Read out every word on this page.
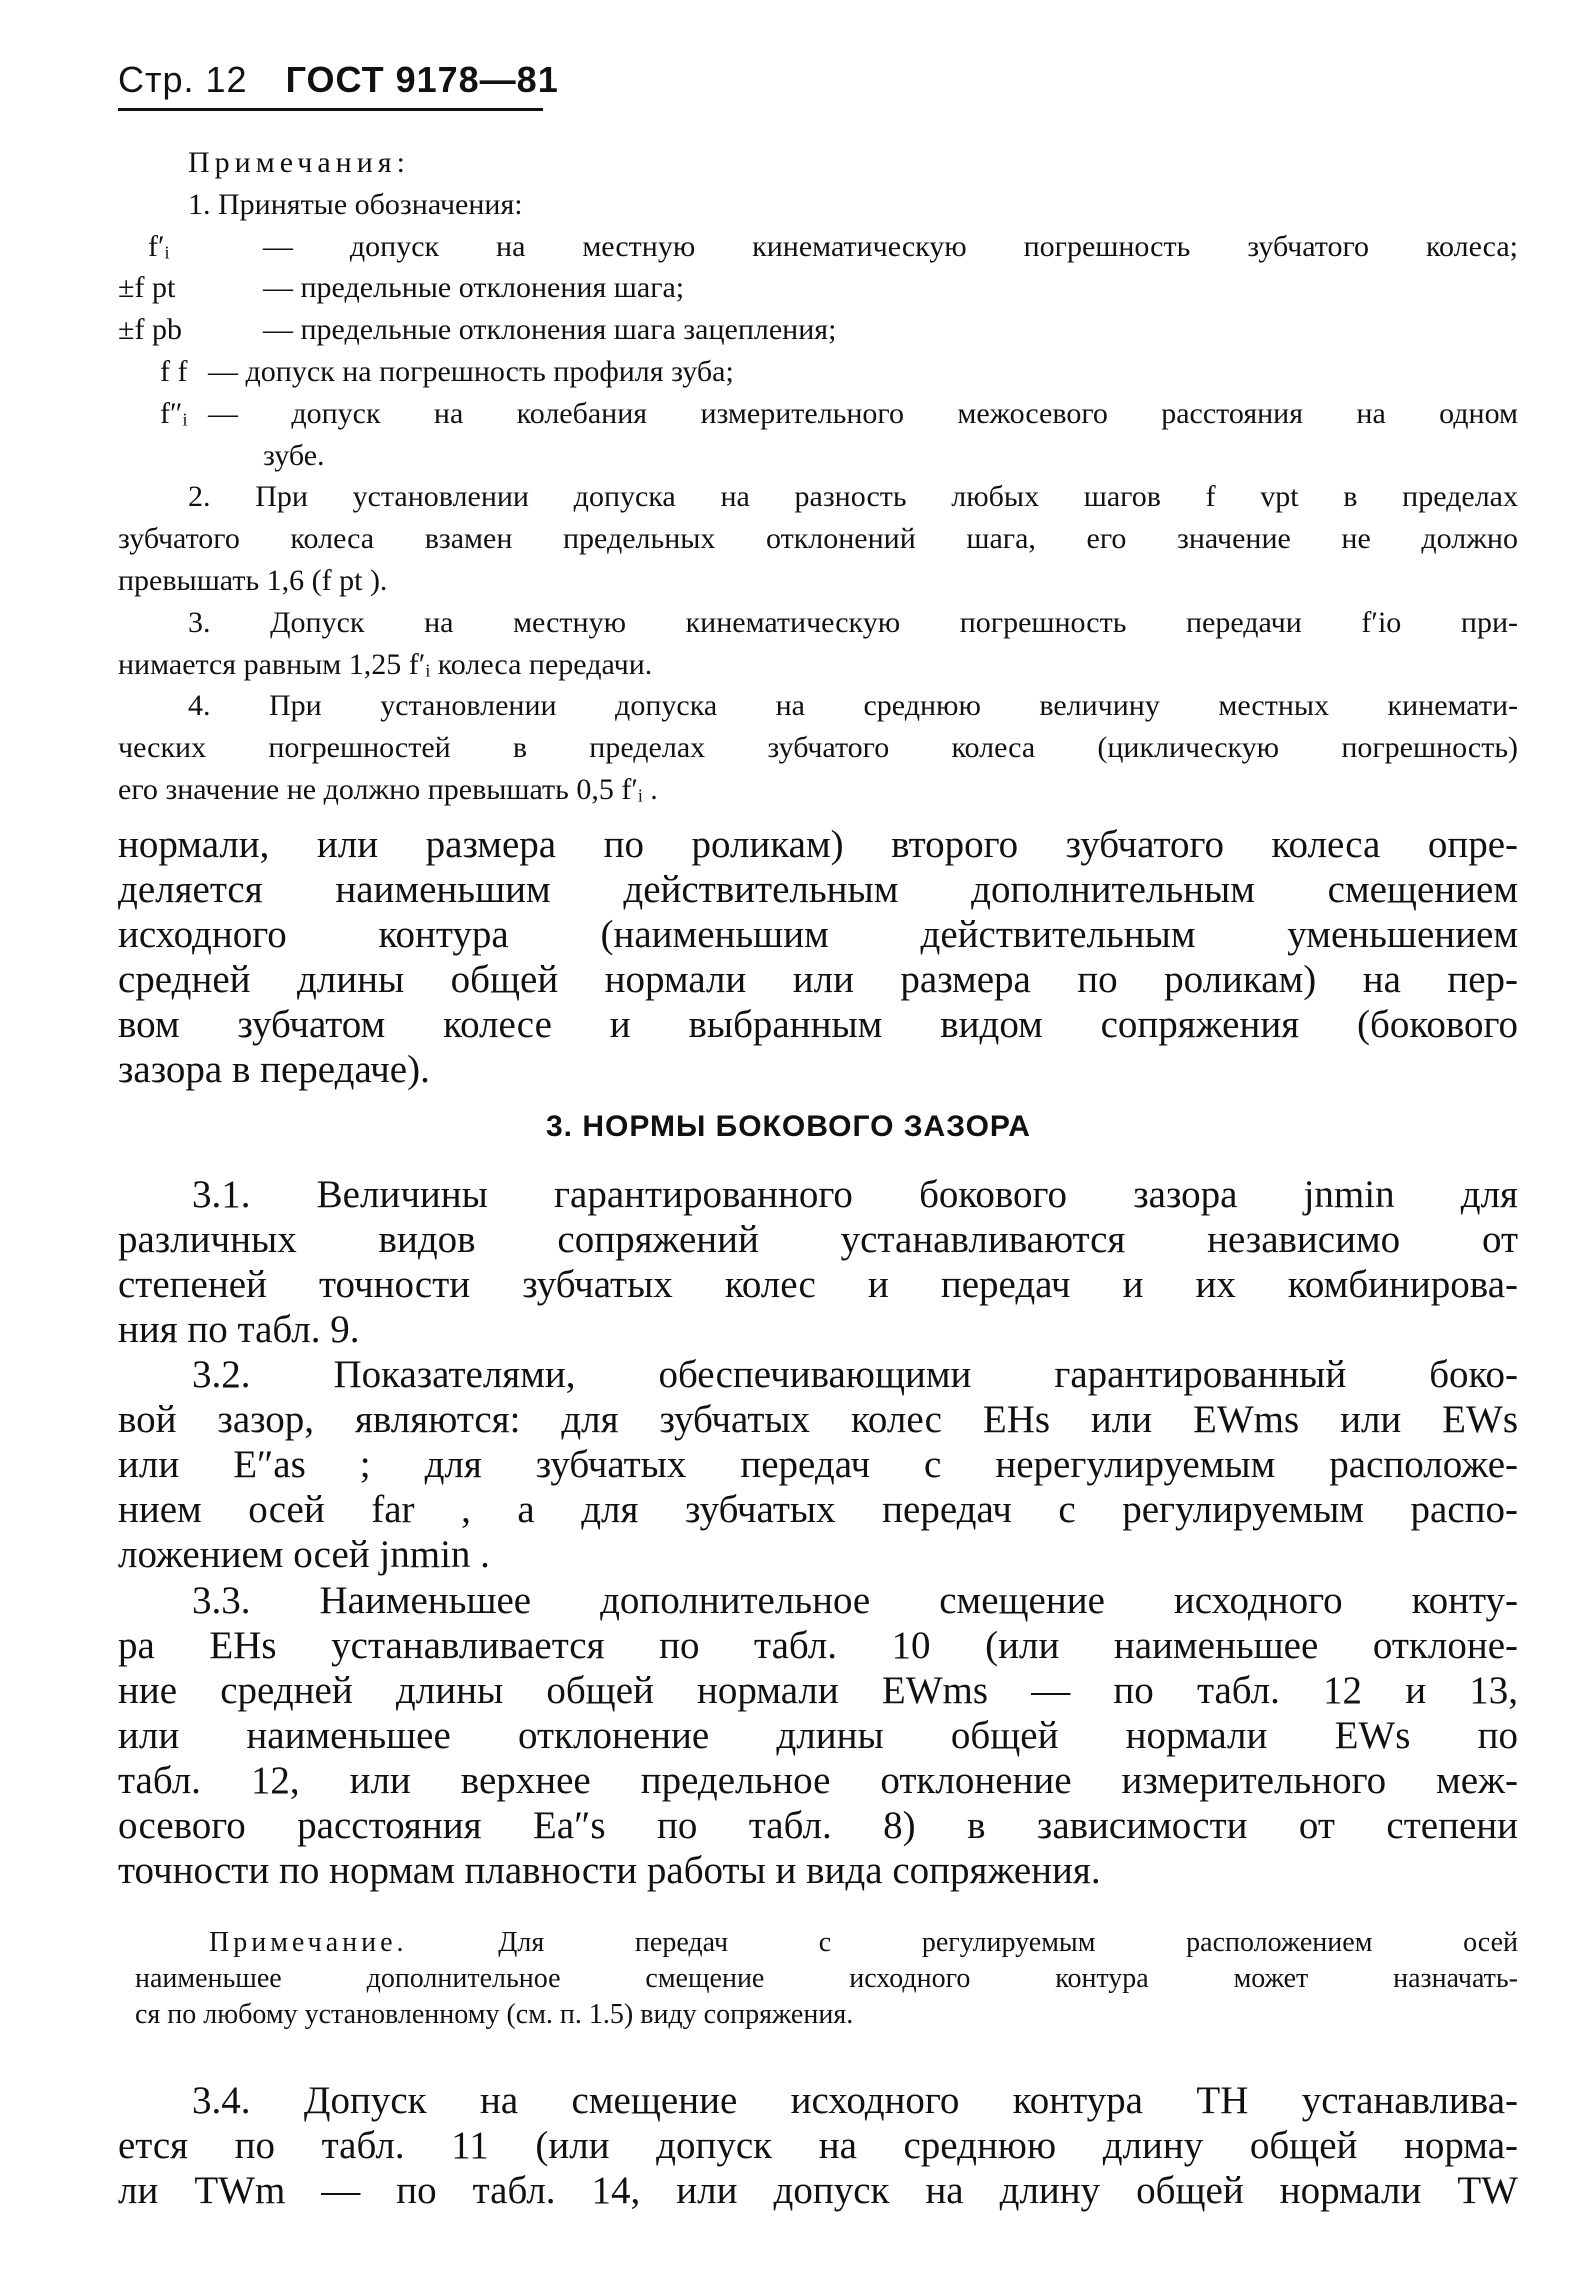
Стр. 12 ГОСТ 9178—81
Примечания:
1. Принятые обозначения:
f′ᵢ	— допуск на местную кинематическую погрешность зубчатого колеса;
±f pt	— предельные отклонения шага;
±f pb	— предельные отклонения шага зацепления;
f f — допуск на погрешность профиля зуба;
f″ᵢ — допуск на колебания измерительного межосевого расстояния на одном
зубе.
2. При установлении допуска на разность любых шагов f vpt в пределах
зубчатого колеса взамен предельных отклонений шага, его значение не должно
превышать 1,6 (f pt ).
3. Допуск на местную кинематическую погрешность передачи f′io при-
нимается равным 1,25 f′ᵢ колеса передачи.
4. При установлении допуска на среднюю величину местных кинемати-
ческих погрешностей в пределах зубчатого колеса (циклическую погрешность)
его значение не должно превышать 0,5 f′ᵢ .
нормали, или размера по роликам) второго зубчатого колеса опре-
деляется наименьшим действительным дополнительным смещением
исходного контура (наименьшим действительным уменьшением
средней длины общей нормали или размера по роликам) на пер-
вом зубчатом колесе и выбранным видом сопряжения (бокового
зазора в передаче).
3. НОРМЫ БОКОВОГО ЗАЗОРА
3.1. Величины гарантированного бокового зазора jnmin для
различных видов сопряжений устанавливаются независимо от
степеней точности зубчатых колес и передач и их комбинирова-
ния по табл. 9.
3.2. Показателями, обеспечивающими гарантированный боко-
вой зазор, являются: для зубчатых колес EHs или EWms или EWs
или E″as ; для зубчатых передач с нерегулируемым расположе-
нием осей far , а для зубчатых передач с регулируемым распо-
ложением осей jnmin .
3.3. Наименьшее дополнительное смещение исходного конту-
ра EHs устанавливается по табл. 10 (или наименьшее отклоне-
ние средней длины общей нормали EWms — по табл. 12 и 13,
или наименьшее отклонение длины общей нормали EWs по
табл. 12, или верхнее предельное отклонение измерительного меж-
осевого расстояния Ea″s по табл. 8) в зависимости от степени
точности по нормам плавности работы и вида сопряжения.
Примечание.	Для передач с регулируемым расположением осей
наименьшее дополнительное смещение исходного контура может назначать-
ся по любому установленному (см. п. 1.5) виду сопряжения.
3.4. Допуск на смещение исходного контура TH устанавлива-
ется по табл. 11 (или допуск на среднюю длину общей норма-
ли TWm — по табл. 14, или допуск на длину общей нормали TW
